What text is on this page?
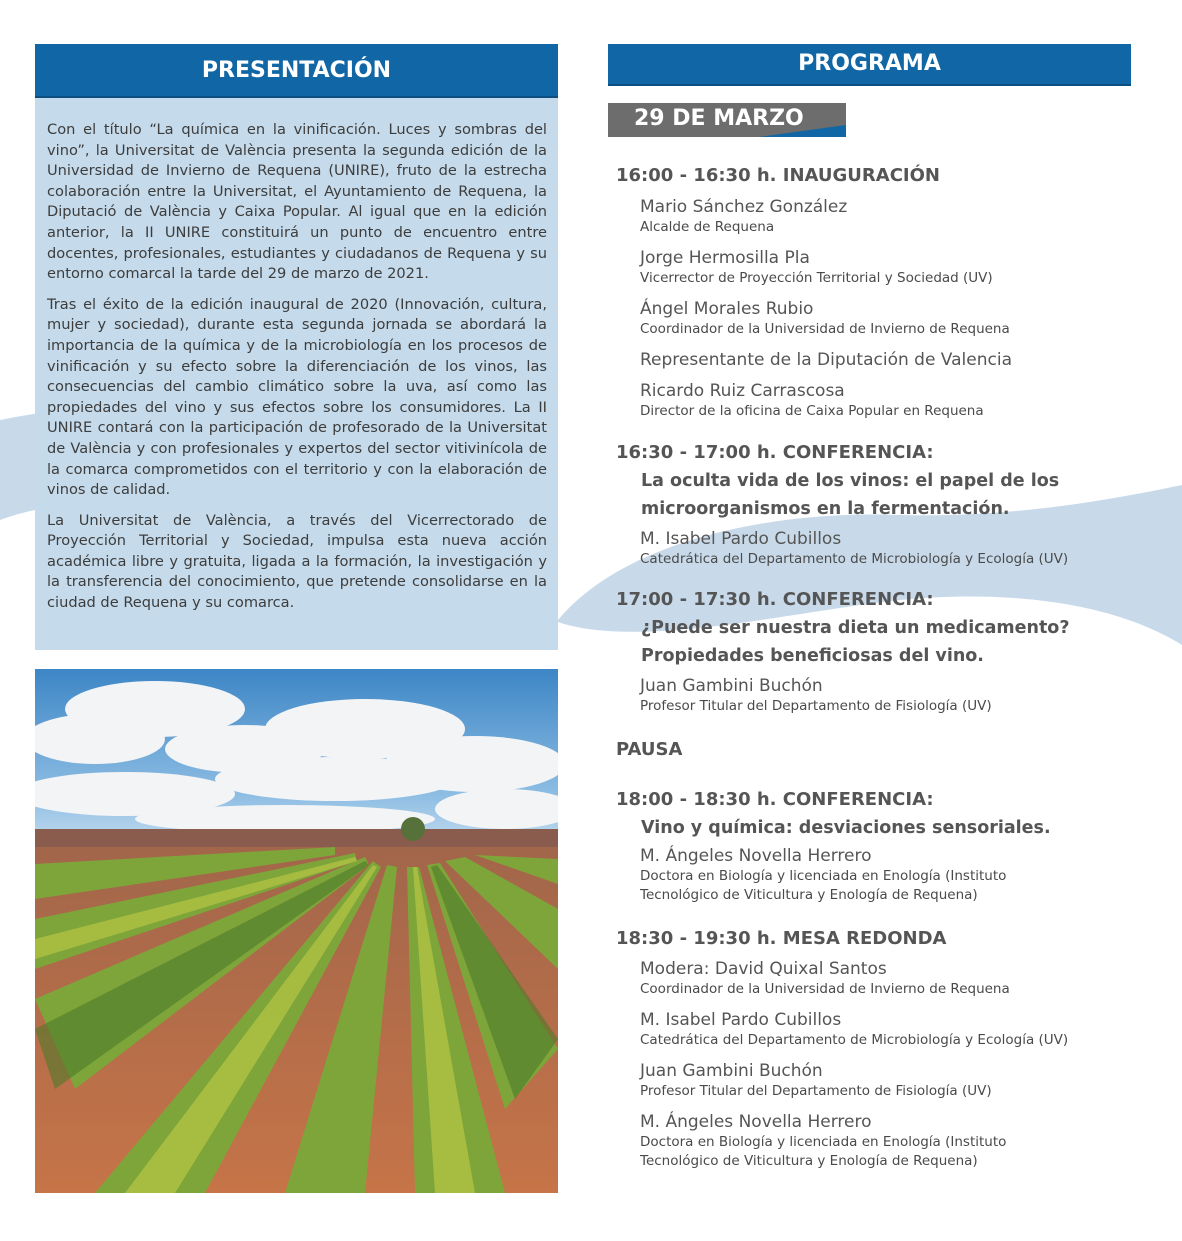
PRESENTACIÓN

Con el título “La química en la vinificación. Luces y sombras del vino”, la Universitat de València presenta la segunda edición de la Universidad de Invierno de Requena (UNIRE), fruto de la estrecha colaboración entre la Universitat, el Ayuntamiento de Requena, la Diputació de València y Caixa Popular. Al igual que en la edición anterior, la II UNIRE constituirá un punto de encuentro entre docentes, profesionales, estudiantes y ciudadanos de Requena y su entorno comarcal la tarde del 29 de marzo de 2021.

Tras el éxito de la edición inaugural de 2020 (Innovación, cultura, mujer y sociedad), durante esta segunda jornada se abordará la importancia de la química y de la microbiología en los procesos de vinificación y su efecto sobre la diferenciación de los vinos, las consecuencias del cambio climático sobre la uva, así como las propiedades del vino y sus efectos sobre los consumidores. La II UNIRE contará con la participación de profesorado de la Universitat de València y con profesionales y expertos del sector vitivinícola de la comarca comprometidos con el territorio y con la elaboración de vinos de calidad.

La Universitat de València, a través del Vicerrectorado de Proyección Territorial y Sociedad, impulsa esta nueva acción académica libre y gratuita, ligada a la formación, la investigación y la transferencia del conocimiento, que pretende consolidarse en la ciudad de Requena y su comarca.

PROGRAMA
29 DE MARZO
16:00 - 16:30 h. INAUGURACIÓN
Mario Sánchez González
Alcalde de Requena
Jorge Hermosilla Pla
Vicerrector de Proyección Territorial y Sociedad (UV)
Ángel Morales Rubio
Coordinador de la Universidad de Invierno de Requena
Representante de la Diputación de Valencia
Ricardo Ruiz Carrascosa
Director de la oficina de Caixa Popular en Requena
16:30 - 17:00 h. CONFERENCIA:
La oculta vida de los vinos: el papel de los
microorganismos en la fermentación.
M. Isabel Pardo Cubillos
Catedrática del Departamento de Microbiología y Ecología (UV)
17:00 - 17:30 h. CONFERENCIA:
¿Puede ser nuestra dieta un medicamento?
Propiedades beneficiosas del vino.
Juan Gambini Buchón
Profesor Titular del Departamento de Fisiología (UV)
PAUSA
18:00 - 18:30 h. CONFERENCIA:
Vino y química: desviaciones sensoriales.
M. Ángeles Novella Herrero
Doctora en Biología y licenciada en Enología (Instituto
Tecnológico de Viticultura y Enología de Requena)
18:30 - 19:30 h. MESA REDONDA
Modera: David Quixal Santos
Coordinador de la Universidad de Invierno de Requena
M. Isabel Pardo Cubillos
Catedrática del Departamento de Microbiología y Ecología (UV)
Juan Gambini Buchón
Profesor Titular del Departamento de Fisiología (UV)
M. Ángeles Novella Herrero
Doctora en Biología y licenciada en Enología (Instituto
Tecnológico de Viticultura y Enología de Requena)
